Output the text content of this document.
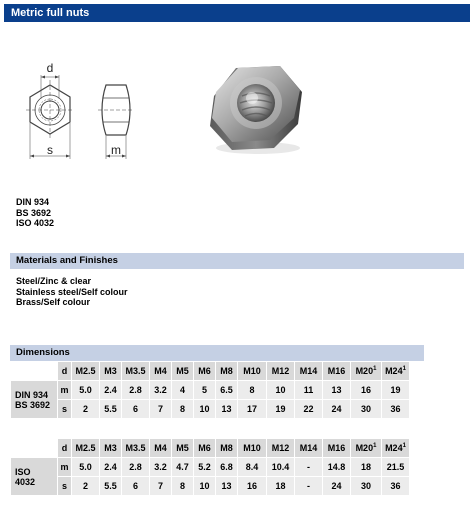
Metric full nuts
d
s	m
DIN 934
BS 3692
ISO 4032
Materials and Finishes
Steel/Zinc & clear
Stainless steel/Self colour
Brass/Self colour
Dimensions
	d	M2.5	M3	M3.5	M4	M5	M6	M8	M10	M12	M14	M16	$M20^1$	$M24^1$

DIN 934
BS 3692	m	5.0	2.4	2.8	3.2	4	5	6.5	8	10	11	13	16	19
	s	2	5.5	6	7	8	10	13	17	19	22	24	30	36
	d	M2.5	M3	M3.5	M4	M5	M6	M8	M10	M12	M14	M16	$M20^1$	$M24^1$

ISO
4032	m	5.0	2.4	2.8	3.2	4.7	5.2	6.8	8.4	10.4	-	14.8	18	21.5
	s	2	5.5	6	7	8	10	13	16	18	-	24	30	36
